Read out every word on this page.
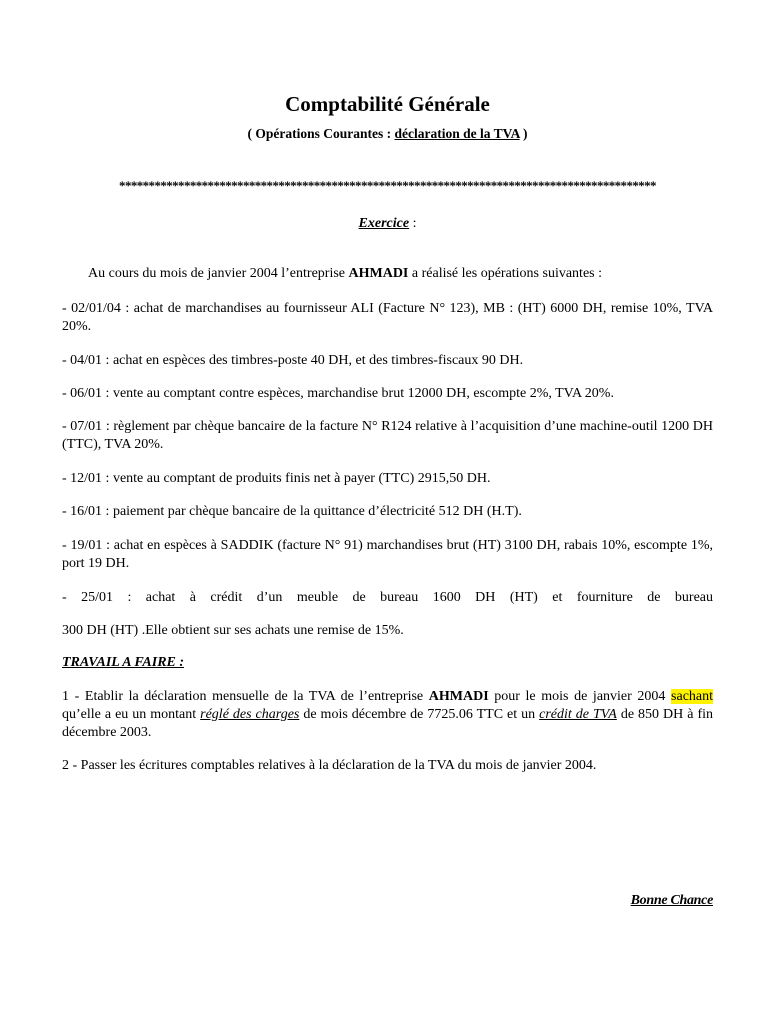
Comptabilité Générale
( Opérations Courantes : déclaration de la TVA )
*******************************************************************************************
Exercice :
Au cours du mois de janvier 2004 l’entreprise AHMADI a réalisé les opérations suivantes :
- 02/01/04 : achat de marchandises au fournisseur ALI (Facture N° 123), MB : (HT) 6000 DH, remise 10%, TVA 20%.
- 04/01 : achat en espèces des timbres-poste 40 DH, et des timbres-fiscaux 90 DH.
- 06/01 : vente au comptant contre espèces, marchandise brut 12000 DH, escompte 2%, TVA 20%.
- 07/01 : règlement par chèque bancaire de la facture N° R124 relative à l’acquisition d’une machine-outil 1200 DH (TTC), TVA 20%.
- 12/01 : vente au comptant de produits finis net à payer (TTC) 2915,50 DH.
- 16/01 : paiement par chèque bancaire de la quittance d’électricité 512 DH (H.T).
- 19/01 : achat en espèces à SADDIK (facture N° 91) marchandises brut (HT) 3100 DH, rabais 10%, escompte 1%, port 19 DH.
- 25/01 : achat à crédit d’un meuble de bureau 1600 DH (HT) et fourniture de bureau
300 DH (HT) .Elle obtient sur ses achats une remise de 15%.
TRAVAIL A FAIRE :
1 - Etablir la déclaration mensuelle de la TVA de l’entreprise AHMADI pour le mois de janvier 2004 sachant qu’elle a eu un montant réglé des charges de mois décembre de 7725.06 TTC et un crédit de TVA de 850 DH à fin décembre 2003.
2 - Passer les écritures comptables relatives à la déclaration de la TVA du mois de janvier 2004.
Bonne Chance
